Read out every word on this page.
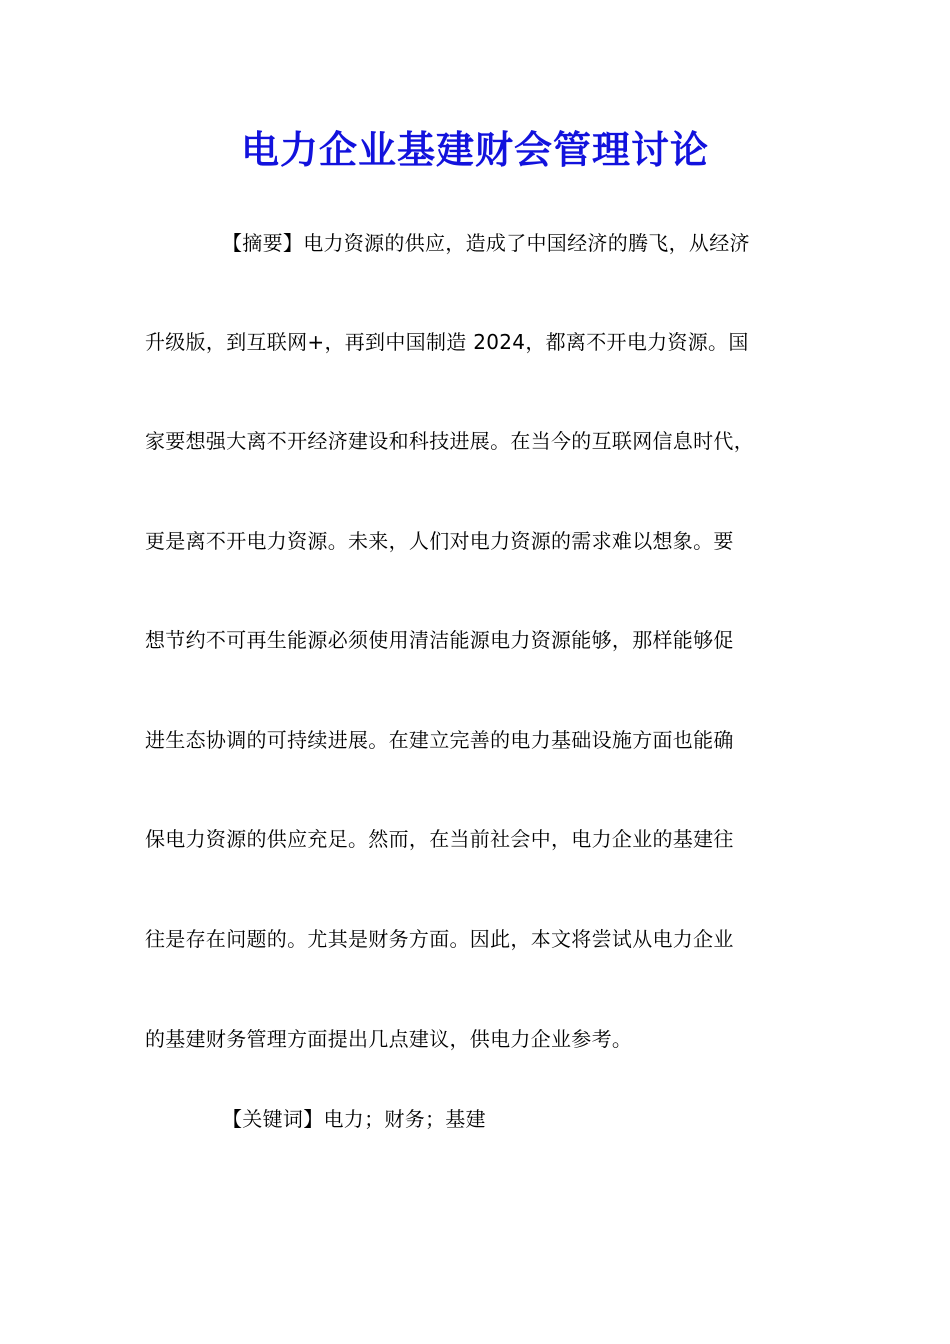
电力企业基建财会管理讨论
【摘要】电力资源的供应，造成了中国经济的腾飞，从经济
升级版，到互联网+，再到中国制造 2024，都离不开电力资源。国
家要想强大离不开经济建设和科技进展。在当今的互联网信息时代，
更是离不开电力资源。未来，人们对电力资源的需求难以想象。要
想节约不可再生能源必须使用清洁能源电力资源能够，那样能够促
进生态协调的可持续进展。在建立完善的电力基础设施方面也能确
保电力资源的供应充足。然而，在当前社会中，电力企业的基建往
往是存在问题的。尤其是财务方面。因此，本文将尝试从电力企业
的基建财务管理方面提出几点建议，供电力企业参考。
【关键词】电力；财务；基建
